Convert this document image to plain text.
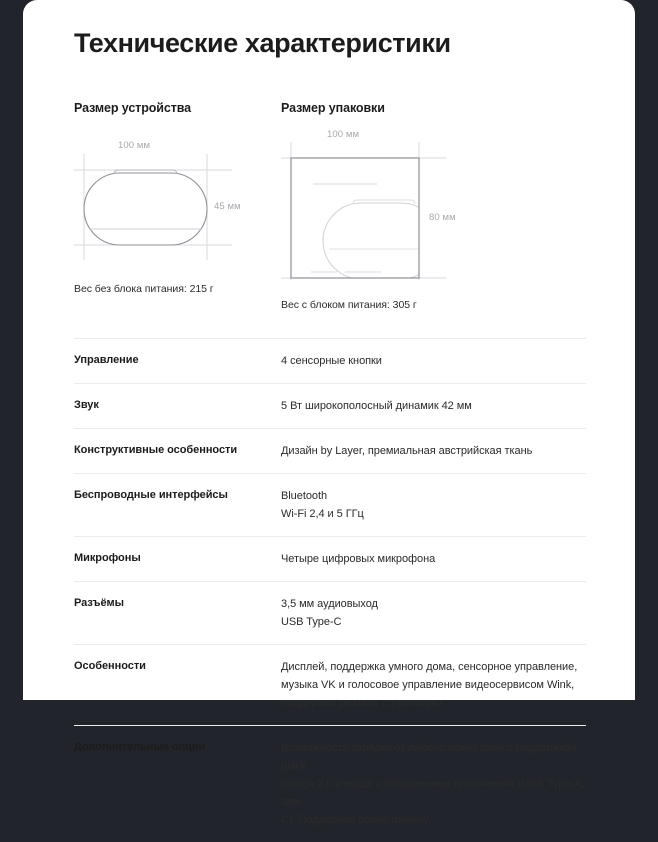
Технические характеристики
Размер устройства
100 мм
45 мм
Вес без блока питания: 215 г
Размер упаковки
100 мм
80 мм
Вес с блоком питания: 305 г
Управление	4 сенсорные кнопки
Звук	5 Вт широкополосный динамик 42 мм
Конструктивные особенности	Дизайн by Layer, премиальная австрийская ткань
Беспроводные интерфейсы	Bluetooth
Wi-Fi 2,4 и 5 ГГц
Микрофоны	Четыре цифровых микрофона
Разъёмы	3,5 мм аудиовыход
USB Type-C
Особенности	Дисплей, поддержка умного дома, сенсорное управление,
музыка VK и голосовое управление видеосервисом Wink,
поддержка режима стереопары
Дополнительные опции	Возможность зарядки от любого power bank с поддержкой quick
charge 2.0 и выше с повышением напряжения (USB Type-A, type-
C). Поддержка power delivery.
